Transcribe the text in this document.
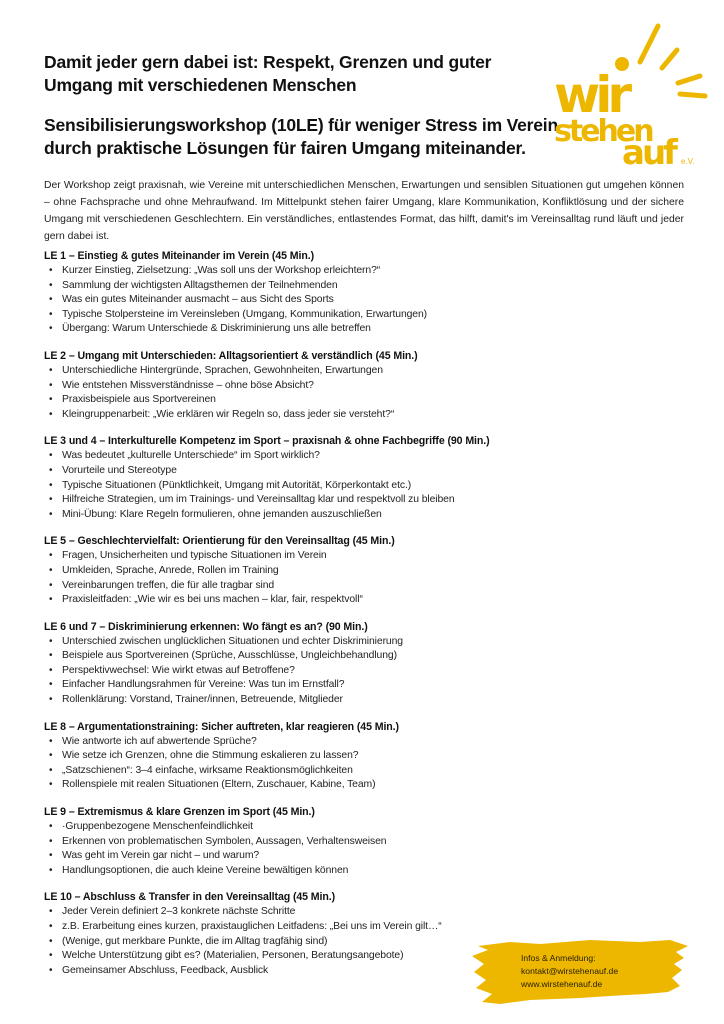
Damit jeder gern dabei ist: Respekt, Grenzen und guter Umgang mit verschiedenen Menschen
Sensibilisierungsworkshop (10LE) für weniger Stress im Verein durch praktische Lösungen für fairen Umgang miteinander.
wir
stehen
auf e.V.
Der Workshop zeigt praxisnah, wie Vereine mit unterschiedlichen Menschen, Erwartungen und sensiblen Situationen gut umgehen können – ohne Fachsprache und ohne Mehraufwand. Im Mittelpunkt stehen fairer Umgang, klare Kommunikation, Konfliktlösung und der sichere Umgang mit verschiedenen Geschlechtern. Ein verständliches, entlastendes Format, das hilft, damit's im Vereinsalltag rund läuft und jeder gern dabei ist.
LE 1 – Einstieg & gutes Miteinander im Verein (45 Min.)
• Kurzer Einstieg, Zielsetzung: „Was soll uns der Workshop erleichtern?“
• Sammlung der wichtigsten Alltagsthemen der Teilnehmenden
• Was ein gutes Miteinander ausmacht – aus Sicht des Sports
• Typische Stolpersteine im Vereinsleben (Umgang, Kommunikation, Erwartungen)
• Übergang: Warum Unterschiede & Diskriminierung uns alle betreffen
LE 2 – Umgang mit Unterschieden: Alltagsorientiert & verständlich (45 Min.)
• Unterschiedliche Hintergründe, Sprachen, Gewohnheiten, Erwartungen
• Wie entstehen Missverständnisse – ohne böse Absicht?
• Praxisbeispiele aus Sportvereinen
• Kleingruppenarbeit: „Wie erklären wir Regeln so, dass jeder sie versteht?“
LE 3 und 4 – Interkulturelle Kompetenz im Sport – praxisnah & ohne Fachbegriffe (90 Min.)
• Was bedeutet „kulturelle Unterschiede“ im Sport wirklich?
• Vorurteile und Stereotype
• Typische Situationen (Pünktlichkeit, Umgang mit Autorität, Körperkontakt etc.)
• Hilfreiche Strategien, um im Trainings- und Vereinsalltag klar und respektvoll zu bleiben
• Mini-Übung: Klare Regeln formulieren, ohne jemanden auszuschließen
LE 5 – Geschlechtervielfalt: Orientierung für den Vereinsalltag (45 Min.)
• Fragen, Unsicherheiten und typische Situationen im Verein
• Umkleiden, Sprache, Anrede, Rollen im Training
• Vereinbarungen treffen, die für alle tragbar sind
• Praxisleitfaden: „Wie wir es bei uns machen – klar, fair, respektvoll“
LE 6 und 7 – Diskriminierung erkennen: Wo fängt es an? (90 Min.)
• Unterschied zwischen unglücklichen Situationen und echter Diskriminierung
• Beispiele aus Sportvereinen (Sprüche, Ausschlüsse, Ungleichbehandlung)
• Perspektivwechsel: Wie wirkt etwas auf Betroffene?
• Einfacher Handlungsrahmen für Vereine: Was tun im Ernstfall?
• Rollenklärung: Vorstand, Trainer/innen, Betreuende, Mitglieder
LE 8 – Argumentationstraining: Sicher auftreten, klar reagieren (45 Min.)
• Wie antworte ich auf abwertende Sprüche?
• Wie setze ich Grenzen, ohne die Stimmung eskalieren zu lassen?
• „Satzschienen“: 3–4 einfache, wirksame Reaktionsmöglichkeiten
• Rollenspiele mit realen Situationen (Eltern, Zuschauer, Kabine, Team)
LE 9 – Extremismus & klare Grenzen im Sport (45 Min.)
• ·Gruppenbezogene Menschenfeindlichkeit
• Erkennen von problematischen Symbolen, Aussagen, Verhaltensweisen
• Was geht im Verein gar nicht – und warum?
• Handlungsoptionen, die auch kleine Vereine bewältigen können
LE 10 – Abschluss & Transfer in den Vereinsalltag (45 Min.)
• Jeder Verein definiert 2–3 konkrete nächste Schritte
• z.B. Erarbeitung eines kurzen, praxistauglichen Leitfadens: „Bei uns im Verein gilt…“
• (Wenige, gut merkbare Punkte, die im Alltag tragfähig sind)
• Welche Unterstützung gibt es? (Materialien, Personen, Beratungsangebote)
• Gemeinsamer Abschluss, Feedback, Ausblick
Infos & Anmeldung:
kontakt@wirstehenauf.de
www.wirstehenauf.de
